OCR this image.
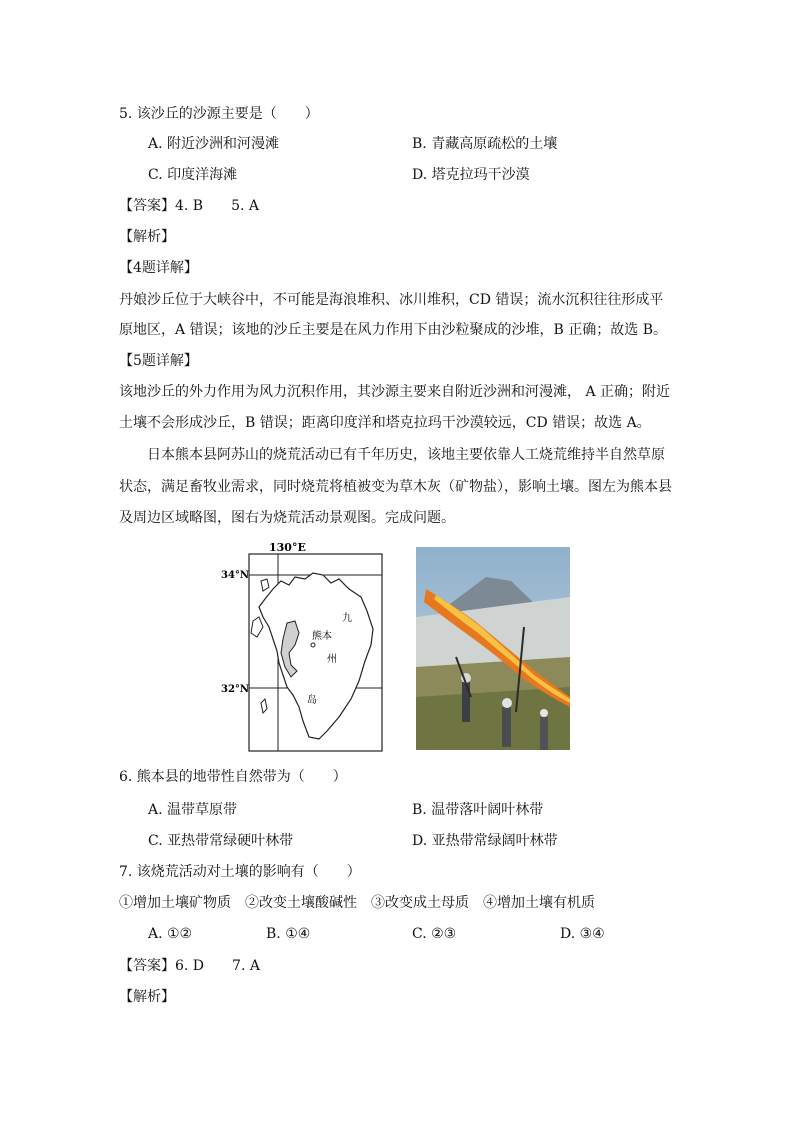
5. 该沙丘的沙源主要是（　　）
A. 附近沙洲和河漫滩	B. 青藏高原疏松的土壤
C. 印度洋海滩	D. 塔克拉玛干沙漠
【答案】4. B　　5. A
【解析】
【4题详解】
丹娘沙丘位于大峡谷中，不可能是海浪堆积、冰川堆积，CD 错误；流水沉积往往形成平
原地区，A 错误；该地的沙丘主要是在风力作用下由沙粒聚成的沙堆，B 正确；故选 B。
【5题详解】
该地沙丘的外力作用为风力沉积作用，其沙源主要来自附近沙洲和河漫滩， A 正确；附近
土壤不会形成沙丘，B 错误；距离印度洋和塔克拉玛干沙漠较远，CD 错误；故选 A。
日本熊本县阿苏山的烧荒活动已有千年历史，该地主要依靠人工烧荒维持半自然草原
状态，满足畜牧业需求，同时烧荒将植被变为草木灰（矿物盐），影响土壤。图左为熊本县
及周边区域略图，图右为烧荒活动景观图。完成问题。
130°E
34°N
32°N
熊本
九
州
岛
6. 熊本县的地带性自然带为（　　）
A. 温带草原带	B. 温带落叶阔叶林带
C. 亚热带常绿硬叶林带	D. 亚热带常绿阔叶林带
7. 该烧荒活动对土壤的影响有（　　）
①增加土壤矿物质　②改变土壤酸碱性　③改变成土母质　④增加土壤有机质
A. ①②	B. ①④	C. ②③	D. ③④
【答案】6. D　　7. A
【解析】
